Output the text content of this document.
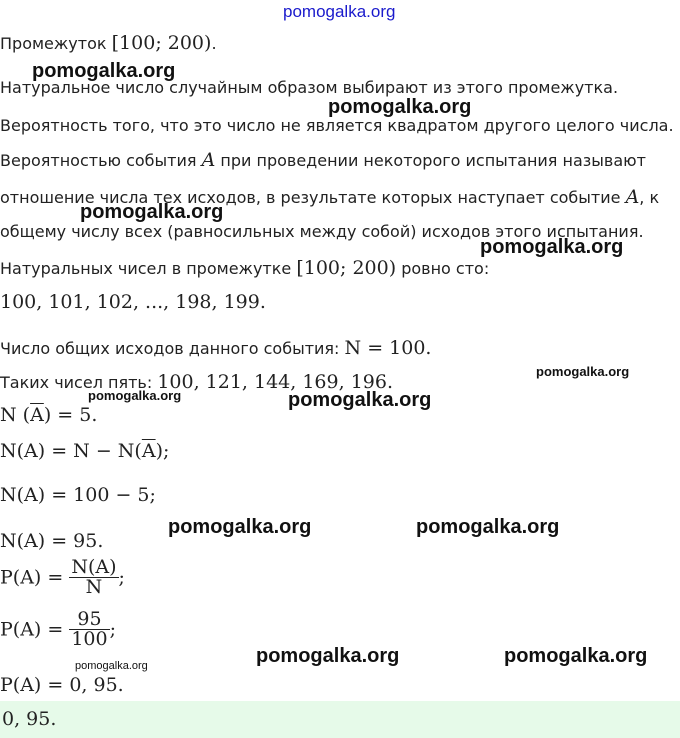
pomogalka.org
Промежуток [100; 200).
Натуральное число случайным образом выбирают из этого промежутка.
Вероятность того, что это число не является квадратом другого целого числа.
Вероятностью события A при проведении некоторого испытания называют
отношение числа тех исходов, в результате которых наступает событие A, к
общему числу всех (равносильных между собой) исходов этого испытания.
Натуральных чисел в промежутке [100; 200) ровно сто:
100, 101, 102, ..., 198, 199.
Число общих исходов данного события: N = 100.
Таких чисел пять: 100, 121, 144, 169, 196.
N $(\overline{A}) = 5$.
$N(A) = N - N(\overline{A})$;
N(A) = 100 − 5;
N(A) = 95.
$P(A) = \frac{N(A)}{N}$ ;
$P(A) = \frac{95}{100}$ ;
P(A) = 0, 95.
0, 95.
pomogalka.org
pomogalka.org
pomogalka.org
pomogalka.org
pomogalka.org
pomogalka.org	pomogalka.org
pomogalka.org	pomogalka.org
pomogalka.org	pomogalka.org
pomogalka.org
